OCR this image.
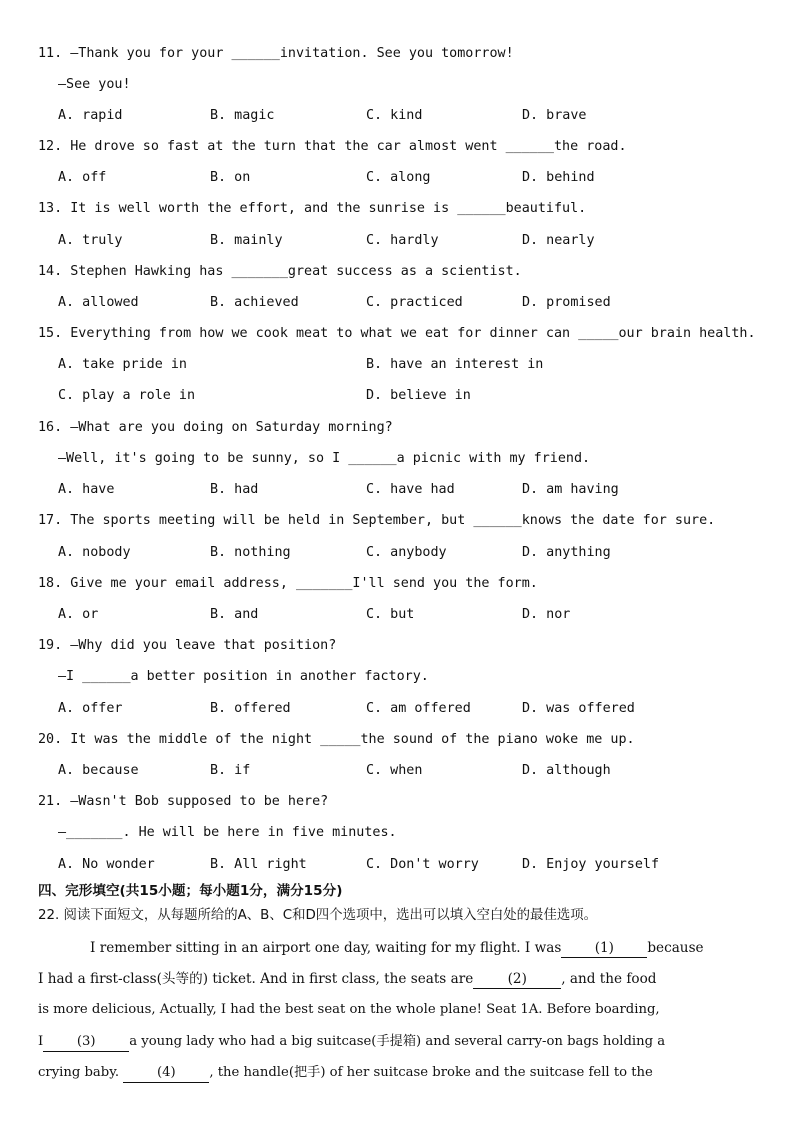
11. —Thank you for your ______invitation. See you tomorrow!
—See you!
A. rapid	B. magic	C. kind	D. brave
12. He drove so fast at the turn that the car almost went ______the road.
A. off	B. on	C. along	D. behind
13. It is well worth the effort, and the sunrise is ______beautiful.
A. truly	B. mainly	C. hardly	D. nearly
14. Stephen Hawking has _______great success as a scientist.
A. allowed	B. achieved	C. practiced	D. promised
15. Everything from how we cook meat to what we eat for dinner can _____our brain health.
A. take pride in	B. have an interest in
C. play a role in	D. believe in
16. —What are you doing on Saturday morning?
—Well, it's going to be sunny, so I ______a picnic with my friend.
A. have	B. had	C. have had	D. am having
17. The sports meeting will be held in September, but ______knows the date for sure.
A. nobody	B. nothing	C. anybody	D. anything
18. Give me your email address, _______I'll send you the form.
A. or	B. and	C. but	D. nor
19. —Why did you leave that position?
—I ______a better position in another factory.
A. offer	B. offered	C. am offered	D. was offered
20. It was the middle of the night _____the sound of the piano woke me up.
A. because	B. if	C. when	D. although
21. —Wasn't Bob supposed to be here?
—_______. He will be here in five minutes.
A. No wonder	B. All right	C. Don't worry	D. Enjoy yourself
四、完形填空(共15小题；每小题1分，满分15分)
22. 阅读下面短文，从每题所给的A、B、C和D四个选项中，选出可以填入空白处的最佳选项。
I remember sitting in an airport one day, waiting for my flight. I was (1) because
I had a first-class(头等的) ticket. And in first class, the seats are	(2)	, and the food
is more delicious, Actually, I had the best seat on the whole plane! Seat 1A. Before boarding,
I	(3)	a young lady who had a big suitcase(手提箱) and several carry-on bags holding a
crying baby.	(4)	, the handle(把手) of her suitcase broke and the suitcase fell to the
